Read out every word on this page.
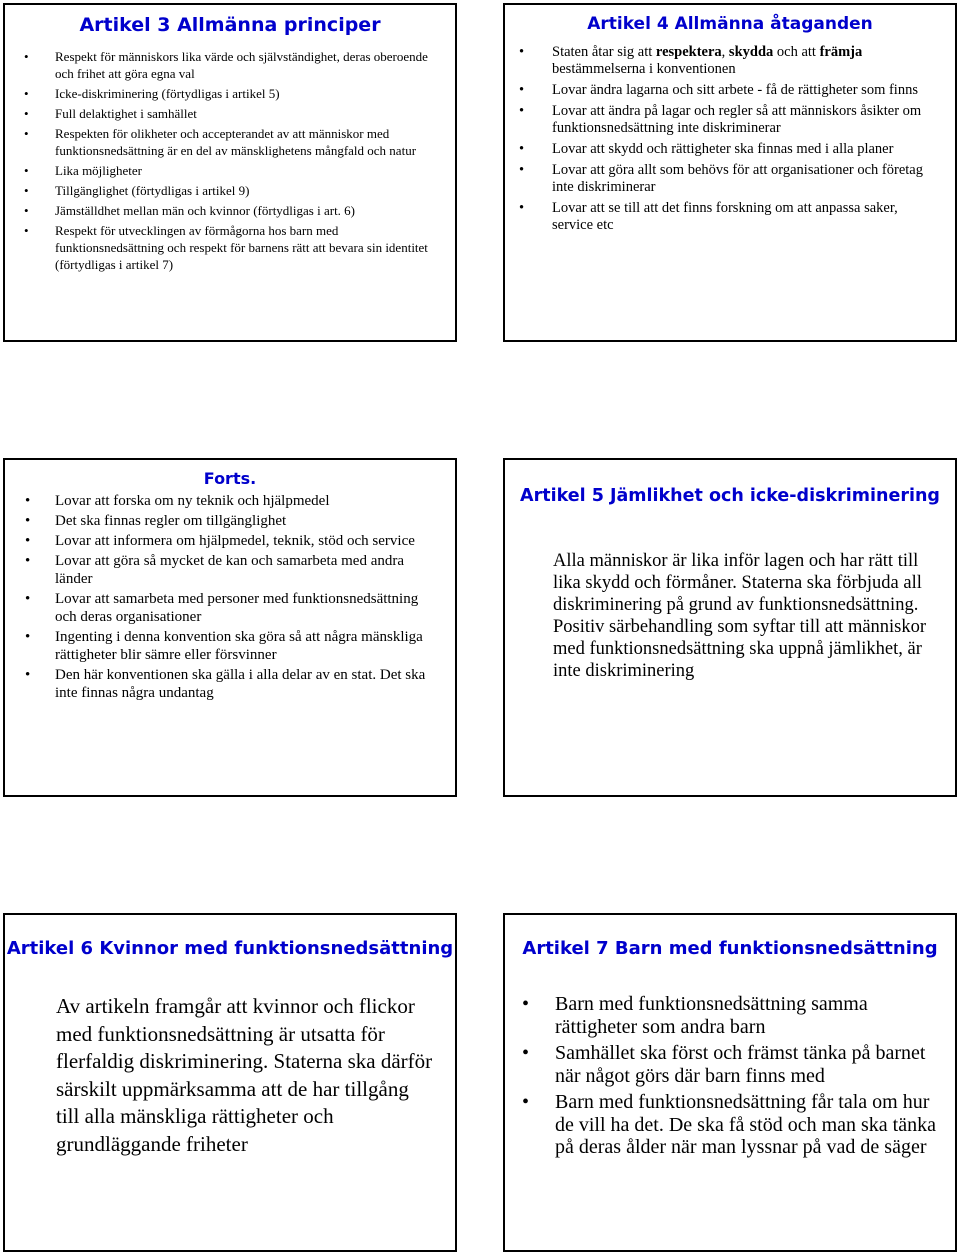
Artikel 3 Allmänna principer
• Respekt för människors lika värde och självständighet, deras oberoende och frihet att göra egna val
• Icke-diskriminering (förtydligas i artikel 5)
• Full delaktighet i samhället
• Respekten för olikheter och accepterandet av att människor med funktionsnedsättning är en del av mänsklighetens mångfald och natur
• Lika möjligheter
• Tillgänglighet (förtydligas i artikel 9)
• Jämställdhet mellan män och kvinnor (förtydligas i art. 6)
• Respekt för utvecklingen av förmågorna hos barn med funktionsnedsättning och respekt för barnens rätt att bevara sin identitet (förtydligas i artikel 7)
Artikel 4 Allmänna åtaganden
• Staten åtar sig att respektera, skydda och att främja bestämmelserna i konventionen
• Lovar ändra lagarna och sitt arbete - få de rättigheter som finns
• Lovar att ändra på lagar och regler så att människors åsikter om funktionsnedsättning inte diskriminerar
• Lovar att skydd och rättigheter ska finnas med i alla planer
• Lovar att göra allt som behövs för att organisationer och företag inte diskriminerar
• Lovar att se till att det finns forskning om att anpassa saker, service etc
Forts.
• Lovar att forska om ny teknik och hjälpmedel
• Det ska finnas regler om tillgänglighet
• Lovar att informera om hjälpmedel, teknik, stöd och service
• Lovar att göra så mycket de kan och samarbeta med andra länder
• Lovar att samarbeta med personer med funktionsnedsättning och deras organisationer
• Ingenting i denna konvention ska göra så att några mänskliga rättigheter blir sämre eller försvinner
• Den här konventionen ska gälla i alla delar av en stat. Det ska inte finnas några undantag
Artikel 5 Jämlikhet och icke-diskriminering

Alla människor är lika inför lagen och har rätt till lika skydd och förmåner. Staterna ska förbjuda all diskriminering på grund av funktionsnedsättning. Positiv särbehandling som syftar till att människor med funktionsnedsättning ska uppnå jämlikhet, är inte diskriminering

Artikel 6 Kvinnor med funktionsnedsättning

Av artikeln framgår att kvinnor och flickor med funktionsnedsättning är utsatta för flerfaldig diskriminering. Staterna ska därför särskilt uppmärksamma att de har tillgång till alla mänskliga rättigheter och grundläggande friheter

Artikel 7 Barn med funktionsnedsättning
• Barn med funktionsnedsättning samma rättigheter som andra barn
• Samhället ska först och främst tänka på barnet när något görs där barn finns med
• Barn med funktionsnedsättning får tala om hur de vill ha det. De ska få stöd och man ska tänka på deras ålder när man lyssnar på vad de säger
